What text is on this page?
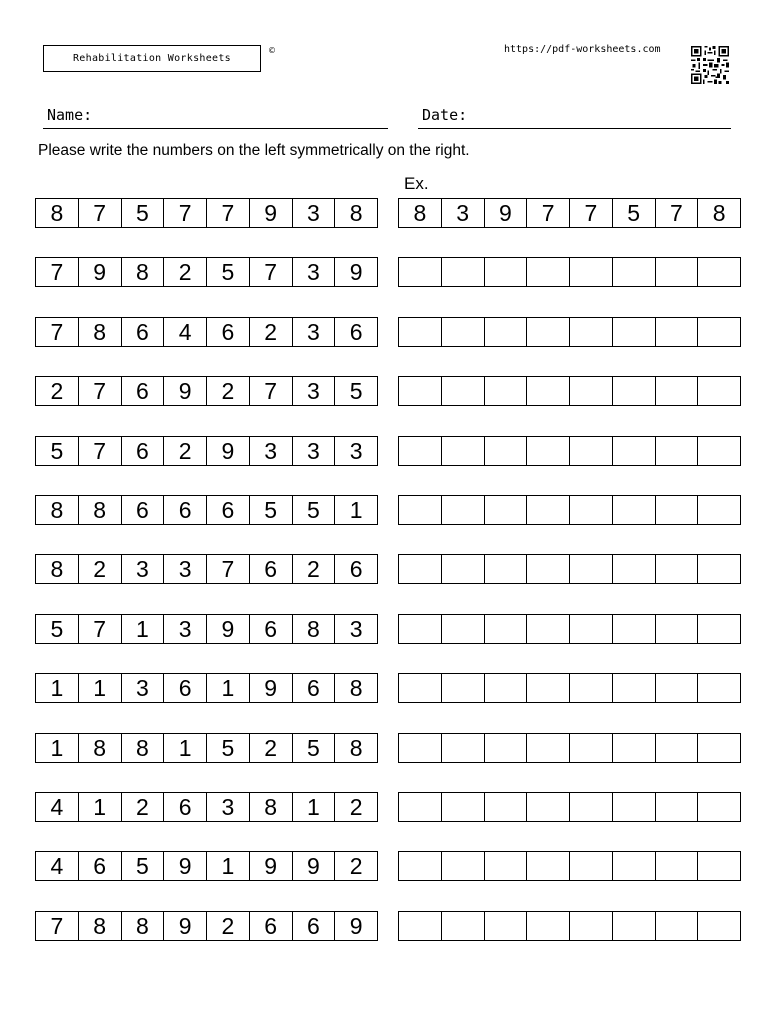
Rehabilitation Worksheets
©	https://pdf-worksheets.com
Name:	Date:
Please write the numbers on the left symmetrically on the right.
Ex.
8	7	5	7	7	9	3	8	8	3	9	7	7	5	7	8
7	9	8	2	5	7	3	9
7	8	6	4	6	2	3	6
2	7	6	9	2	7	3	5
5	7	6	2	9	3	3	3
8	8	6	6	6	5	5	1
8	2	3	3	7	6	2	6
5	7	1	3	9	6	8	3
1	1	3	6	1	9	6	8
1	8	8	1	5	2	5	8
4	1	2	6	3	8	1	2
4	6	5	9	1	9	9	2
7	8	8	9	2	6	6	9
